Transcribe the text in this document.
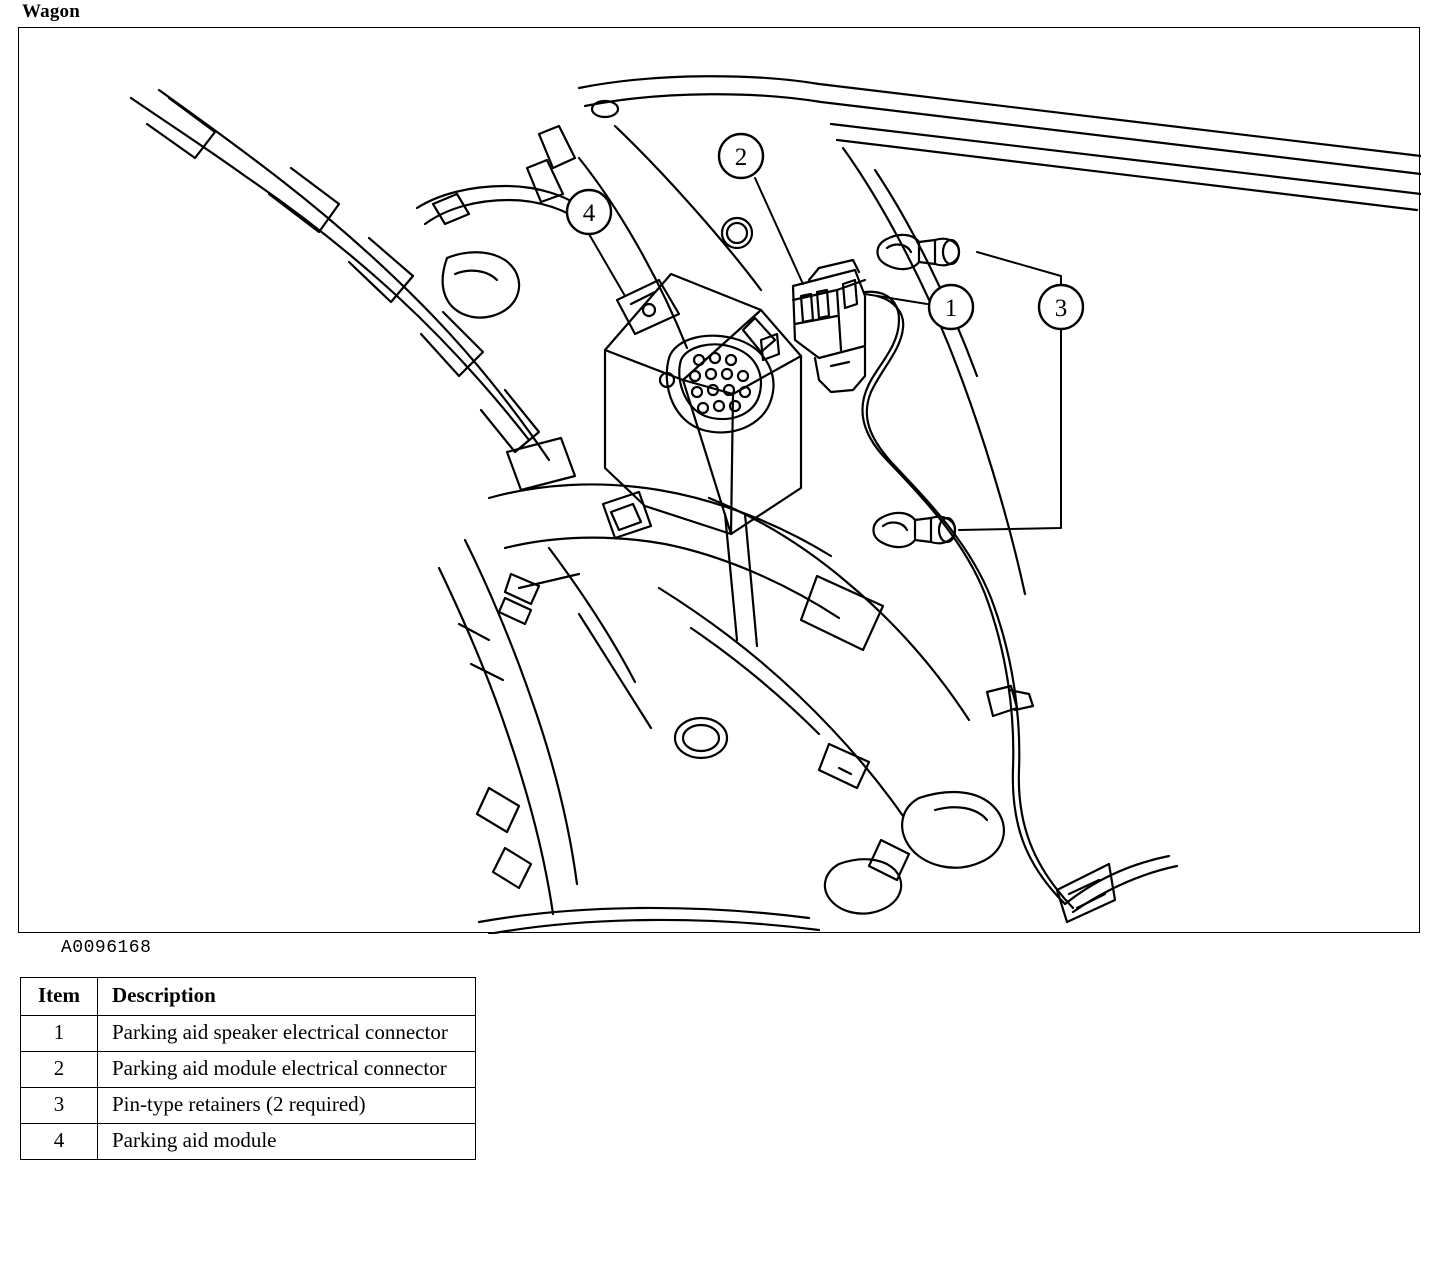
Wagon
4
2
1	3
A0096168
Item	Description
1	Parking aid speaker electrical connector
2	Parking aid module electrical connector
3	Pin-type retainers (2 required)
4	Parking aid module
